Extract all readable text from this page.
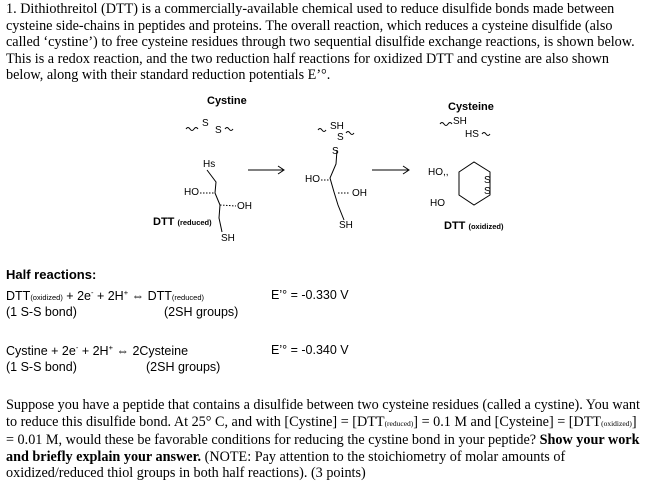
1. Dithiothreitol (DTT) is a commercially-available chemical used to reduce disulfide bonds made between cysteine side-chains in peptides and proteins. The overall reaction, which reduces a cysteine disulfide (also called ‘cystine’) to free cysteine residues through two sequential disulfide exchange reactions, is shown below. This is a redox reaction, and the two reduction half reactions for oxidized DTT and cystine are also shown below, along with their standard reduction potentials E’°.
Cystine
S
S	SH
S
S
Cysteine
SH
HS
Hs
HO
OH
SH
DTT (reduced)
HO
OH
SH
HO,,
HO
S
S
DTT (oxidized)
Half reactions:
DTT(oxidized) + 2e- + 2H+ ⇔ DTT(reduced)	E’° = -0.330 V
(1 S-S bond)	(2SH groups)
Cystine + 2e- + 2H+ ⇔ 2Cysteine	E’° = -0.340 V
(1 S-S bond)	(2SH groups)
Suppose you have a peptide that contains a disulfide between two cysteine residues (called a cystine). You want to reduce this disulfide bond. At 25° C, and with [Cystine] = [DTT(reduced)] = 0.1 M and [Cysteine] = [DTT(oxidized)] = 0.01 M, would these be favorable conditions for reducing the cystine bond in your peptide? Show your work and briefly explain your answer. (NOTE: Pay attention to the stoichiometry of molar amounts of oxidized/reduced thiol groups in both half reactions). (3 points)
